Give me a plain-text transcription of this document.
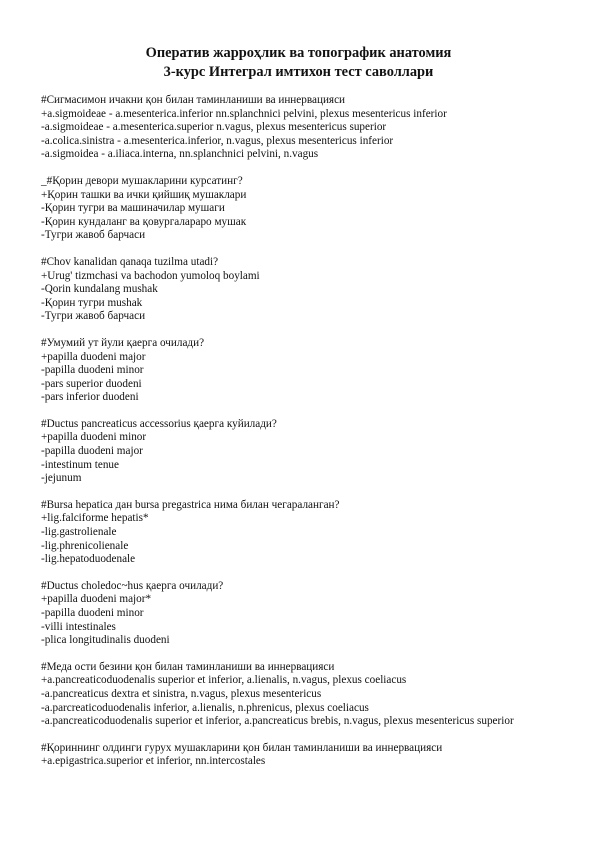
Оператив жарроҳлик ва топографик анатомия
3-курс Интеграл имтихон тест саволлари
#Сигмасимон ичакни қон билан таминланиши ва иннервацияси
+a.sigmoideae - a.mesenterica.inferior nn.splanchnici pelvini, plexus mesentericus inferior
-a.sigmoideae - a.mesenterica.superior n.vagus, plexus mesentericus superior
-a.colica.sinistra - a.mesenterica.inferior, n.vagus, plexus mesentericus inferior
-a.sigmoidea - a.iliaca.interna, nn.splanchnici pelvini, n.vagus
_#Қорин девори мушакларини курсатинг?
+Қорин ташки ва ички қийшиқ мушаклари
-Қорин тугри ва машиначилар мушаги
-Қорин кундаланг ва қовургалараро мушак
-Тугри жавоб барчаси
#Chov kanalidan qanaqa tuzilma utadi?
+Urug' tizmchasi va bachodon yumoloq boylami
-Qorin kundalang mushak
-Қорин тугри mushak
-Тугри жавоб барчаси
#Умумий ут йули қаерга очилади?
+papilla duodeni major
-papilla duodeni minor
-pars superior duodeni
-pars inferior duodeni
#Ductus pancreaticus accessorius қаерга куйилади?
+papilla duodeni minor
-papilla duodeni major
-intestinum tenue
-jejunum
#Bursa hepatica дан bursa pregastrica нима билан чегараланган?
+lig.falciforme hepatis*
-lig.gastrolienale
-lig.phrenicolienale
-lig.hepatoduodenale
#Ductus choledoc~hus қаерга очилади?
+papilla duodeni major*
-papilla duodeni minor
-villi intestinales
-plica longitudinalis duodeni
#Меда ости безини қон билан таминланиши ва иннервацияси
+a.pancreaticoduodenalis superior et inferior, a.lienalis, n.vagus, plexus coeliacus
-a.pancreaticus dextra et sinistra, n.vagus, plexus mesentericus
-a.parcreaticoduodenalis inferior, a.lienalis, n.phrenicus, plexus coeliacus
-a.pancreaticoduodenalis superior et inferior, a.pancreaticus brebis, n.vagus, plexus mesentericus superior
#Қориннинг олдинги гурух мушакларини қон билан таминланиши ва иннервацияси
+a.epigastrica.superior et inferior, nn.intercostales
